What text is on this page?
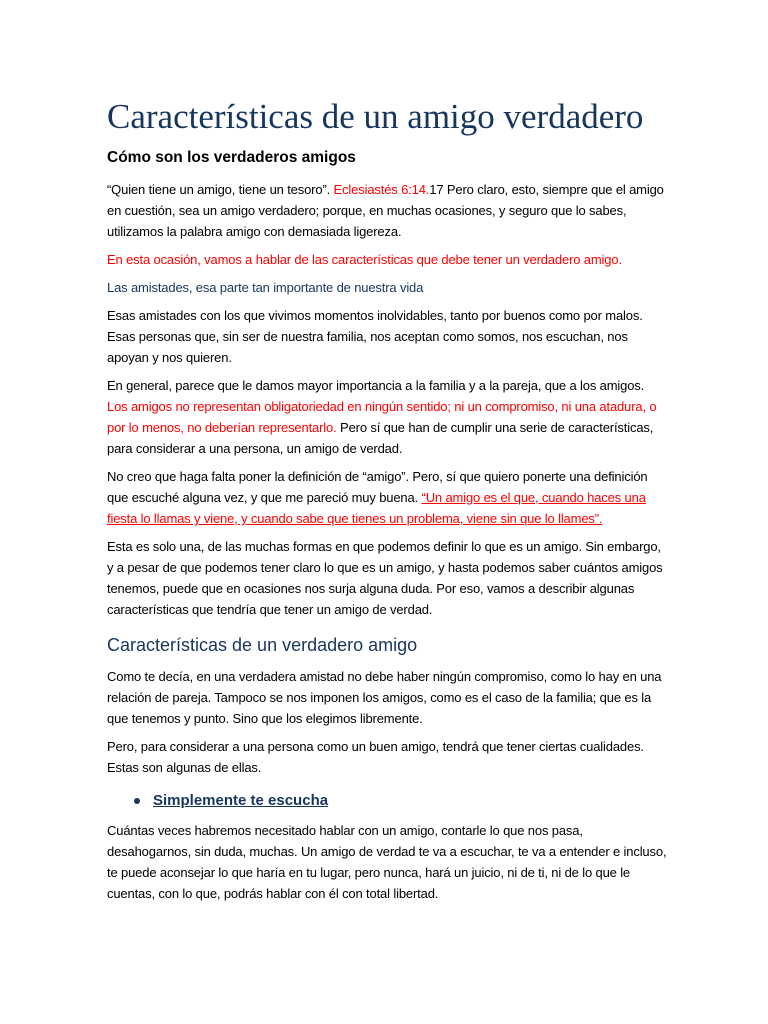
Características de un amigo verdadero
Cómo son los verdaderos amigos

“Quien tiene un amigo, tiene un tesoro”. Eclesiastés 6:14.17 Pero claro, esto, siempre que el amigo en cuestión, sea un amigo verdadero; porque, en muchas ocasiones, y seguro que lo sabes, utilizamos la palabra amigo con demasiada ligereza.

En esta ocasión, vamos a hablar de las características que debe tener un verdadero amigo.

Las amistades, esa parte tan importante de nuestra vida

Esas amistades con los que vivimos momentos inolvidables, tanto por buenos como por malos. Esas personas que, sin ser de nuestra familia, nos aceptan como somos, nos escuchan, nos apoyan y nos quieren.

En general, parece que le damos mayor importancia a la familia y a la pareja, que a los amigos. Los amigos no representan obligatoriedad en ningún sentido; ni un compromiso, ni una atadura, o por lo menos, no deberían representarlo. Pero sí que han de cumplir una serie de características, para considerar a una persona, un amigo de verdad.

No creo que haga falta poner la definición de “amigo”. Pero, sí que quiero ponerte una definición que escuché alguna vez, y que me pareció muy buena. “Un amigo es el que, cuando haces una fiesta lo llamas y viene, y cuando sabe que tienes un problema, viene sin que lo llames”.

Esta es solo una, de las muchas formas en que podemos definir lo que es un amigo. Sin embargo, y a pesar de que podemos tener claro lo que es un amigo, y hasta podemos saber cuántos amigos tenemos, puede que en ocasiones nos surja alguna duda. Por eso, vamos a describir algunas características que tendría que tener un amigo de verdad.

Características de un verdadero amigo

Como te decía, en una verdadera amistad no debe haber ningún compromiso, como lo hay en una relación de pareja. Tampoco se nos imponen los amigos, como es el caso de la familia; que es la que tenemos y punto. Sino que los elegimos libremente.

Pero, para considerar a una persona como un buen amigo, tendrá que tener ciertas cualidades. Estas son algunas de ellas.

Simplemente te escucha

Cuántas veces habremos necesitado hablar con un amigo, contarle lo que nos pasa, desahogarnos, sin duda, muchas. Un amigo de verdad te va a escuchar, te va a entender e incluso, te puede aconsejar lo que haría en tu lugar, pero nunca, hará un juicio, ni de ti, ni de lo que le cuentas, con lo que, podrás hablar con él con total libertad.
